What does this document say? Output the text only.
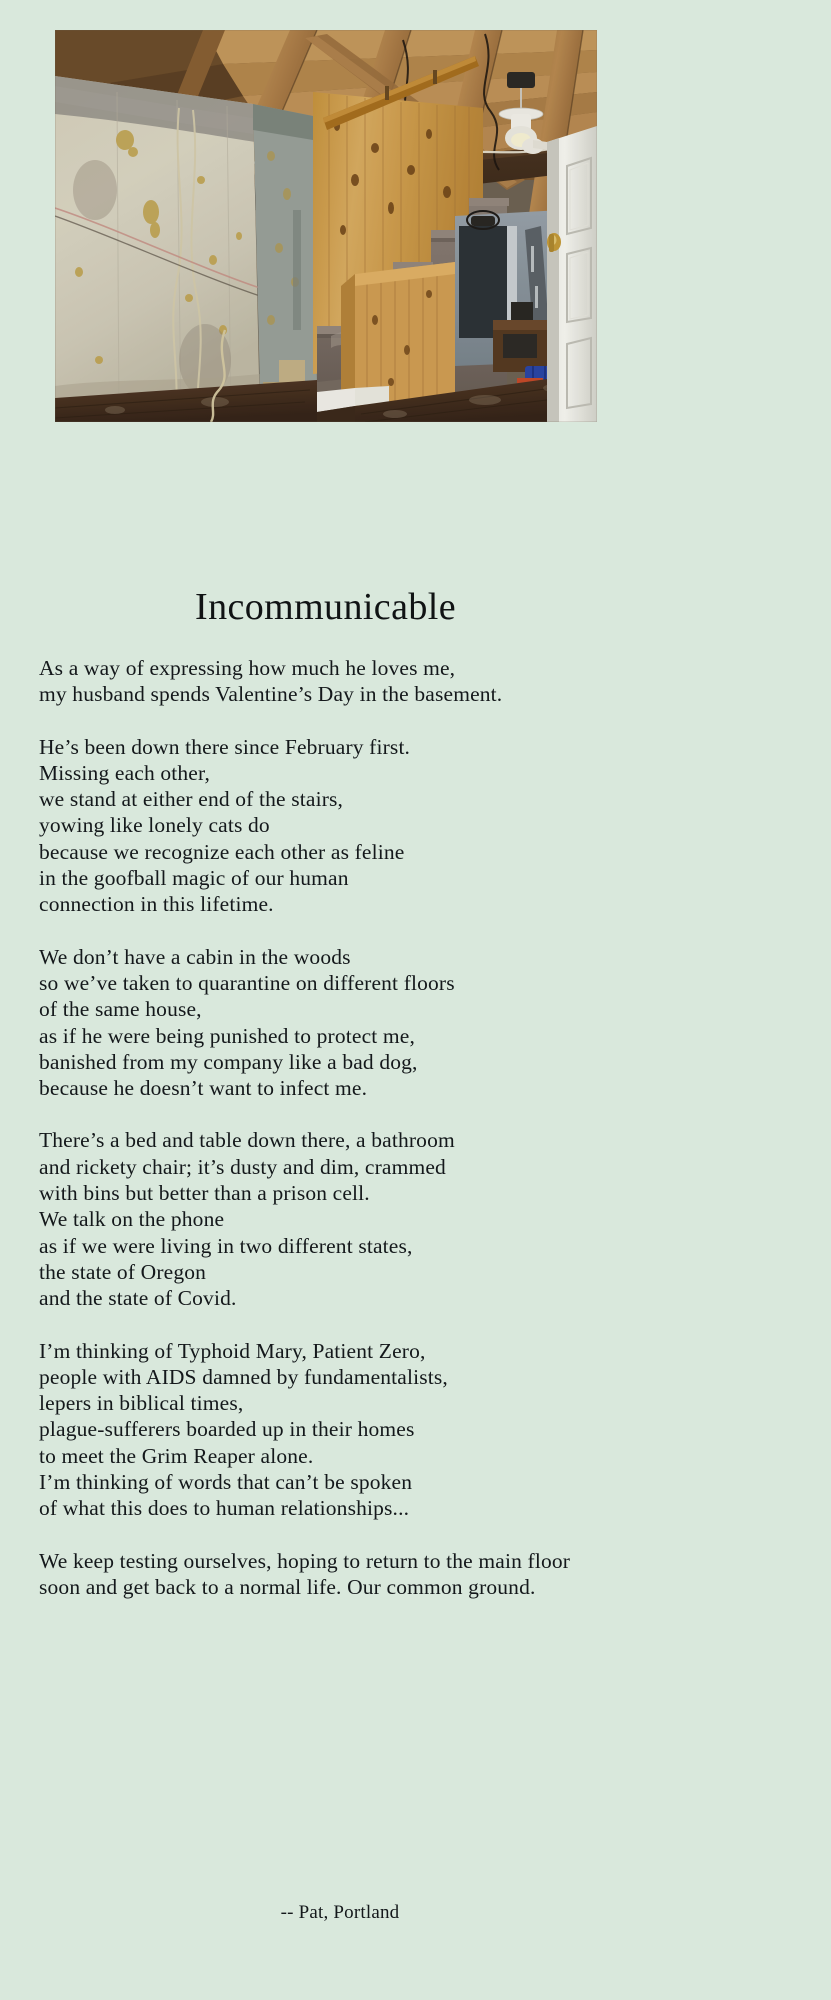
Incommunicable
As a way of expressing how much he loves me,
my husband spends Valentine’s Day in the basement.
He’s been down there since February first.
Missing each other,
we stand at either end of the stairs,
yowing like lonely cats do
because we recognize each other as feline
in the goofball magic of our human
connection in this lifetime.
We don’t have a cabin in the woods
so we’ve taken to quarantine on different floors
of the same house,
as if he were being punished to protect me,
banished from my company like a bad dog,
because he doesn’t want to infect me.
There’s a bed and table down there, a bathroom
and rickety chair; it’s dusty and dim, crammed
with bins but better than a prison cell.
We talk on the phone
as if we were living in two different states,
the state of Oregon
and the state of Covid.
I’m thinking of Typhoid Mary, Patient Zero,
people with AIDS damned by fundamentalists,
lepers in biblical times,
plague-sufferers boarded up in their homes
to meet the Grim Reaper alone.
I’m thinking of words that can’t be spoken
of what this does to human relationships...
We keep testing ourselves, hoping to return to the main floor
soon and get back to a normal life. Our common ground.
-- Pat, Portland
